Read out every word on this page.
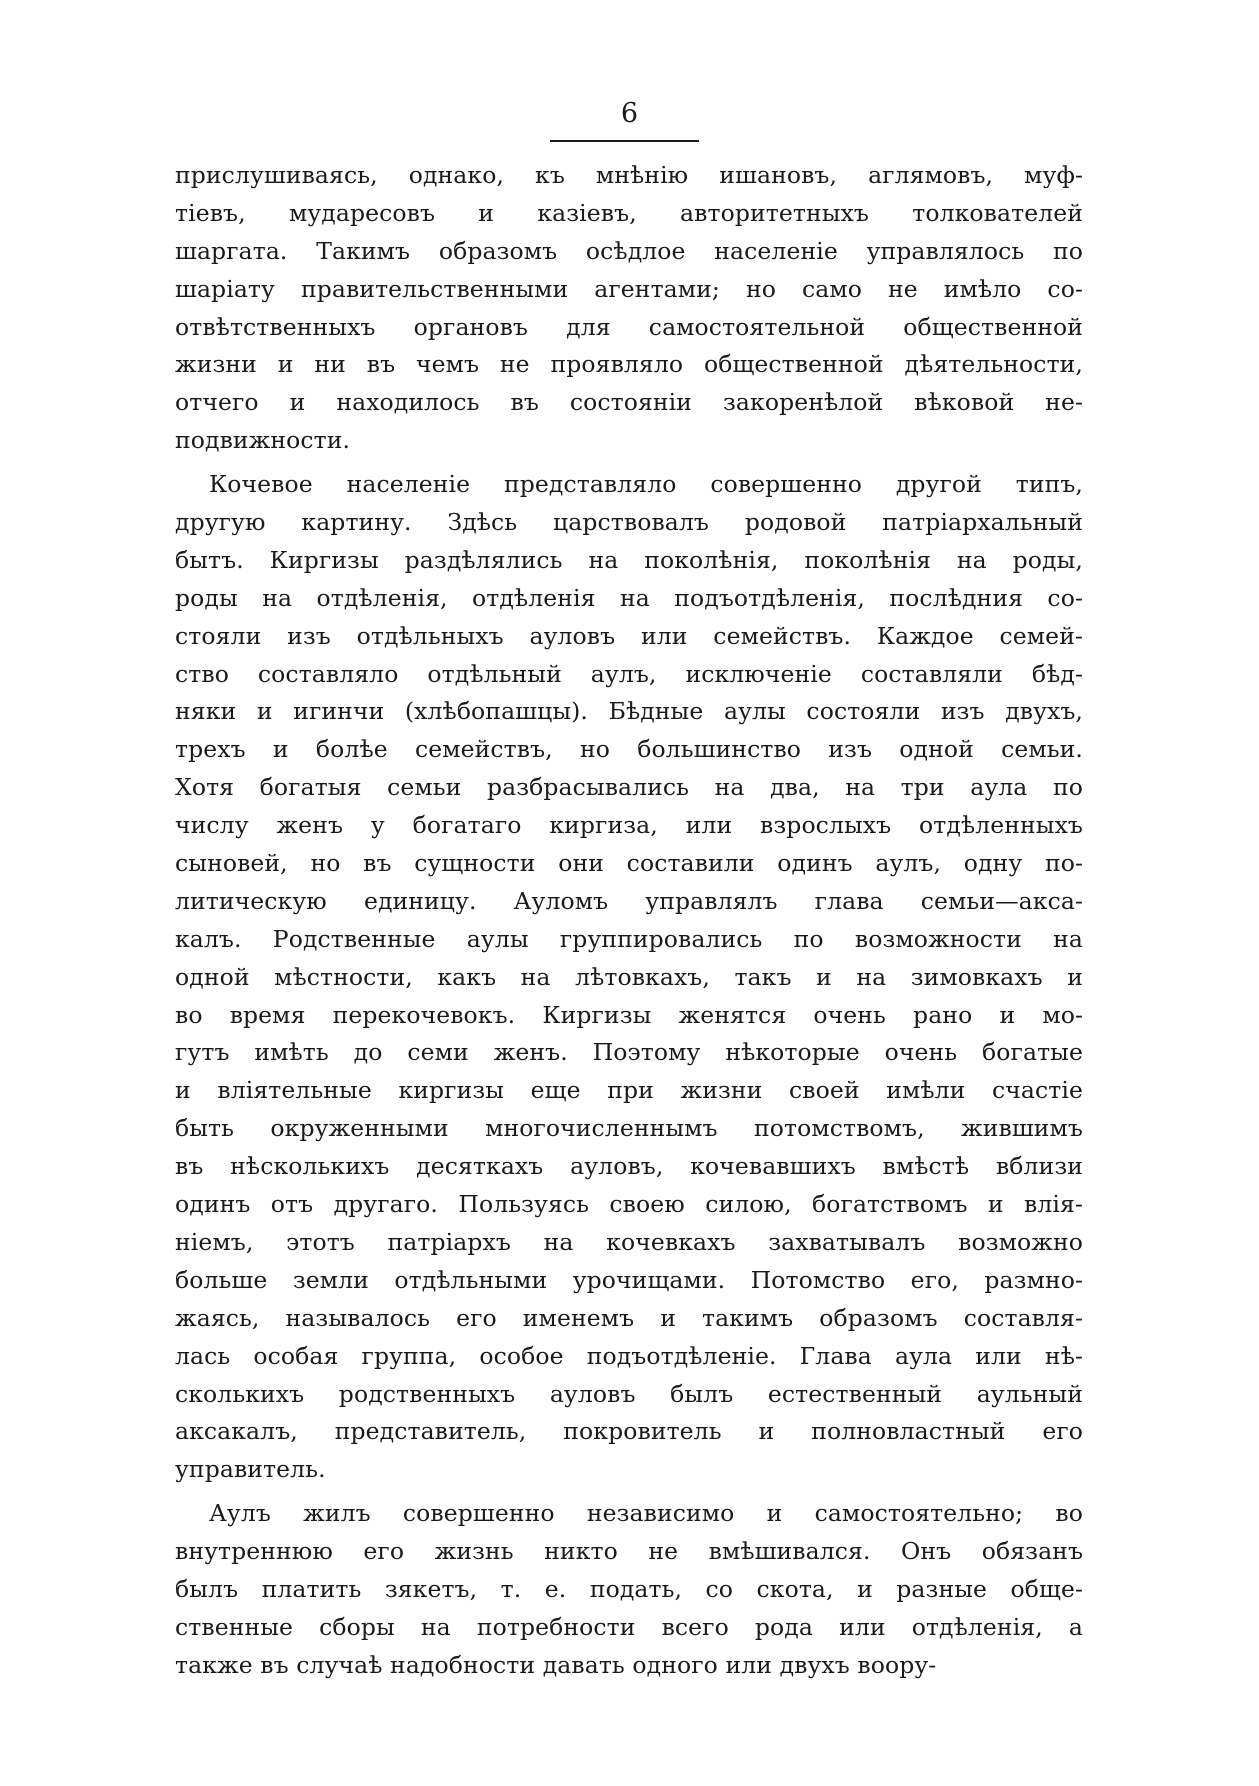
6
прислушиваясь, однако, къ мнѣнію ишановъ, аглямовъ, муф-
тіевъ, мударесовъ и казіевъ, авторитетныхъ толкователей
шаргата. Такимъ образомъ осѣдлое населеніе управлялось по
шаріату правительственными агентами; но само не имѣло со-
отвѣтственныхъ органовъ для самостоятельной общественной
жизни и ни въ чемъ не проявляло общественной дѣятельности,
отчего и находилось въ состояніи закоренѣлой вѣковой не-
подвижности.
Кочевое населеніе представляло совершенно другой типъ,
другую картину. Здѣсь царствовалъ родовой патріархальный
бытъ. Киргизы раздѣлялись на поколѣнія, поколѣнія на роды,
роды на отдѣленія, отдѣленія на подъотдѣленія, послѣдния со-
стояли изъ отдѣльныхъ ауловъ или семействъ. Каждое семей-
ство составляло отдѣльный аулъ, исключеніе составляли бѣд-
няки и игинчи (хлѣбопашцы). Бѣдные аулы состояли изъ двухъ,
трехъ и болѣе семействъ, но большинство изъ одной семьи.
Хотя богатыя семьи разбрасывались на два, на три аула по
числу женъ у богатаго киргиза, или взрослыхъ отдѣленныхъ
сыновей, но въ сущности они составили одинъ аулъ, одну по-
литическую единицу. Ауломъ управлялъ глава семьи—акса-
калъ. Родственные аулы группировались по возможности на
одной мѣстности, какъ на лѣтовкахъ, такъ и на зимовкахъ и
во время перекочевокъ. Киргизы женятся очень рано и мо-
гутъ имѣть до семи женъ. Поэтому нѣкоторые очень богатые
и вліятельные киргизы еще при жизни своей имѣли счастіе
быть окруженными многочисленнымъ потомствомъ, жившимъ
въ нѣсколькихъ десяткахъ ауловъ, кочевавшихъ вмѣстѣ вблизи
одинъ отъ другаго. Пользуясь своею силою, богатствомъ и влія-
ніемъ, этотъ патріархъ на кочевкахъ захватывалъ возможно
больше земли отдѣльными урочищами. Потомство его, размно-
жаясь, называлось его именемъ и такимъ образомъ составля-
лась особая группа, особое подъотдѣленіе. Глава аула или нѣ-
сколькихъ родственныхъ ауловъ былъ естественный аульный
аксакалъ, представитель, покровитель и полновластный его
управитель.
Аулъ жилъ совершенно независимо и самостоятельно; во
внутреннюю его жизнь никто не вмѣшивался. Онъ обязанъ
былъ платить зякетъ, т. е. подать, со скота, и разные обще-
ственные сборы на потребности всего рода или отдѣленія, а
также въ случаѣ надобности давать одного или двухъ воору-
